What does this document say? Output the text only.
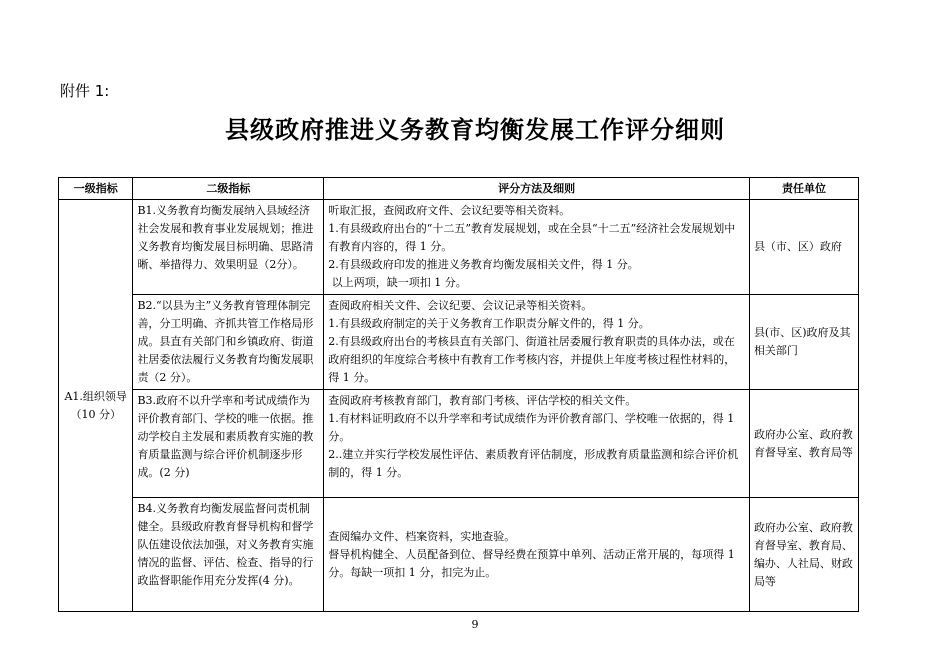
附件 1:
县级政府推进义务教育均衡发展工作评分细则
一级指标	二级指标	评分方法及细则	责任单位

A1.组织领导
（10 分）	B1.义务教育均衡发展纳入县域经济社会发展和教育事业发展规划；推进义务教育均衡发展目标明确、思路清晰、举措得力、效果明显（2分）。	听取汇报，查阅政府文件、会议纪要等相关资料。
1.有县级政府出台的“十二五”教育发展规划，或在全县“十二五”经济社会发展规划中有教育内容的，得 1 分。
2.有县级政府印发的推进义务教育均衡发展相关文件，得 1 分。
以上两项，缺一项扣 1 分。	县（市、区）政府
	B2.“以县为主”义务教育管理体制完善，分工明确、齐抓共管工作格局形成。县直有关部门和乡镇政府、街道社居委依法履行义务教育均衡发展职责（2 分）。	查阅政府相关文件、会议纪要、会议记录等相关资料。
1.有县级政府制定的关于义务教育工作职责分解文件的，得 1 分。
2.有县级政府出台的考核县直有关部门、街道社居委履行教育职责的具体办法，或在政府组织的年度综合考核中有教育工作考核内容，并提供上年度考核过程性材料的，得 1 分。	县(市、区)政府及其相关部门
	B3.政府不以升学率和考试成绩作为评价教育部门、学校的唯一依据。推动学校自主发展和素质教育实施的教育质量监测与综合评价机制逐步形成。(2 分)	查阅政府考核教育部门，教育部门考核、评估学校的相关文件。
1.有材料证明政府不以升学率和考试成绩作为评价教育部门、学校唯一依据的，得 1 分。
2..建立并实行学校发展性评估、素质教育评估制度，形成教育质量监测和综合评价机制的，得 1 分。	政府办公室、政府教育督导室、教育局等
	B4.义务教育均衡发展监督问责机制健全。县级政府教育督导机构和督学队伍建设依法加强，对义务教育实施情况的监督、评估、检查、指导的行政监督职能作用充分发挥(4 分)。	查阅编办文件、档案资料，实地查验。
督导机构健全、人员配备到位、督导经费在预算中单列、活动正常开展的，每项得 1 分。每缺一项扣 1 分，扣完为止。	政府办公室、政府教育督导室、教育局、编办、人社局、财政局等
9
